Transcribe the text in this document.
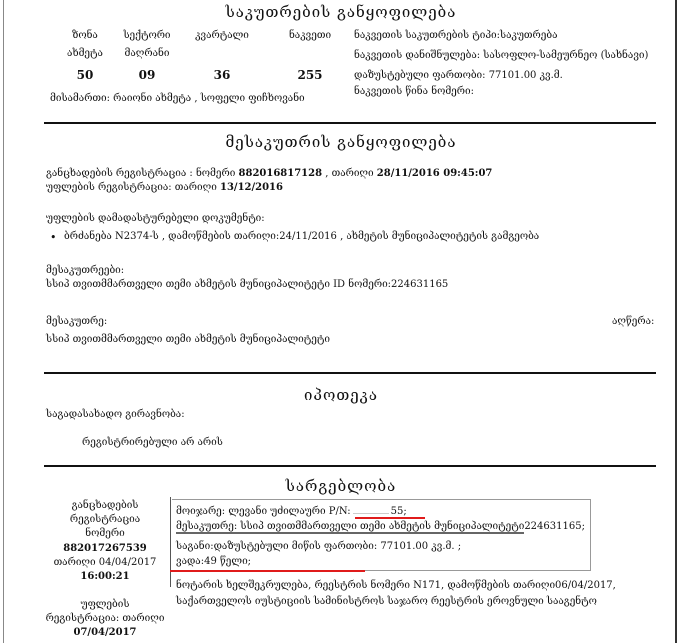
საკუთრების განყოფილება
ზონა	სექტორი	კვარტალი	ნაკვეთი
ახმეტა	მაღრანი
50	09	36	255
მისამართი: რაიონი ახმეტა , სოფელი ფიჩხოვანი
ნაკვეთის საკუთრების ტიპი:საკუთრება
ნაკვეთის დანიშნულება: სასოფლო-სამეურნეო (სახნავი)
დაზუსტებული ფართობი: 77101.00 კვ.მ.
ნაკვეთის წინა ნომერი:
მესაკუთრის განყოფილება
განცხადების რეგისტრაცია : ნომერი 882016817128 , თარიღი 28/11/2016 09:45:07
უფლების რეგისტრაცია: თარიღი 13/12/2016
უფლების დამადასტურებელი დოკუმენტი:
• ბრძანება N2374-ს , დამოწმების თარიღი:24/11/2016 , ახმეტის მუნიციპალიტეტის გამგეობა
მესაკუთრეები:
სსიპ თვითმმართველი თემი ახმეტის მუნიციპალიტეტი ID ნომერი:224631165
მესაკუთრე:	აღწერა:
სსიპ თვითმმართველი თემი ახმეტის მუნიციპალიტეტი
იპოთეკა
საგადასახადო გირავნობა:
რეგისტრირებული არ არის
სარგებლობა
განცხადების
რეგისტრაცია
ნომერი
882017267539
თარიღი 04/04/2017
16:00:21
უფლების
რეგისტრაცია: თარიღი
07/04/2017
მოიჯარე: ლევანი უძილაური P/N:	55;
მესაკუთრე: სსიპ თვითმმართველი თემი ახმეტის მუნიციპალიტეტი224631165;
საგანი:დაზუსტებული მიწის ფართობი: 77101.00 კვ.მ. ;
ვადა:49 წელი;
ნოტარის ხელშეკრულება, რეესტრის ნომერი N171, დამოწმების თარიღი06/04/2017,
საქართველოს იუსტიციის სამინისტროს საჯარო რეესტრის ეროვნული სააგენტო
